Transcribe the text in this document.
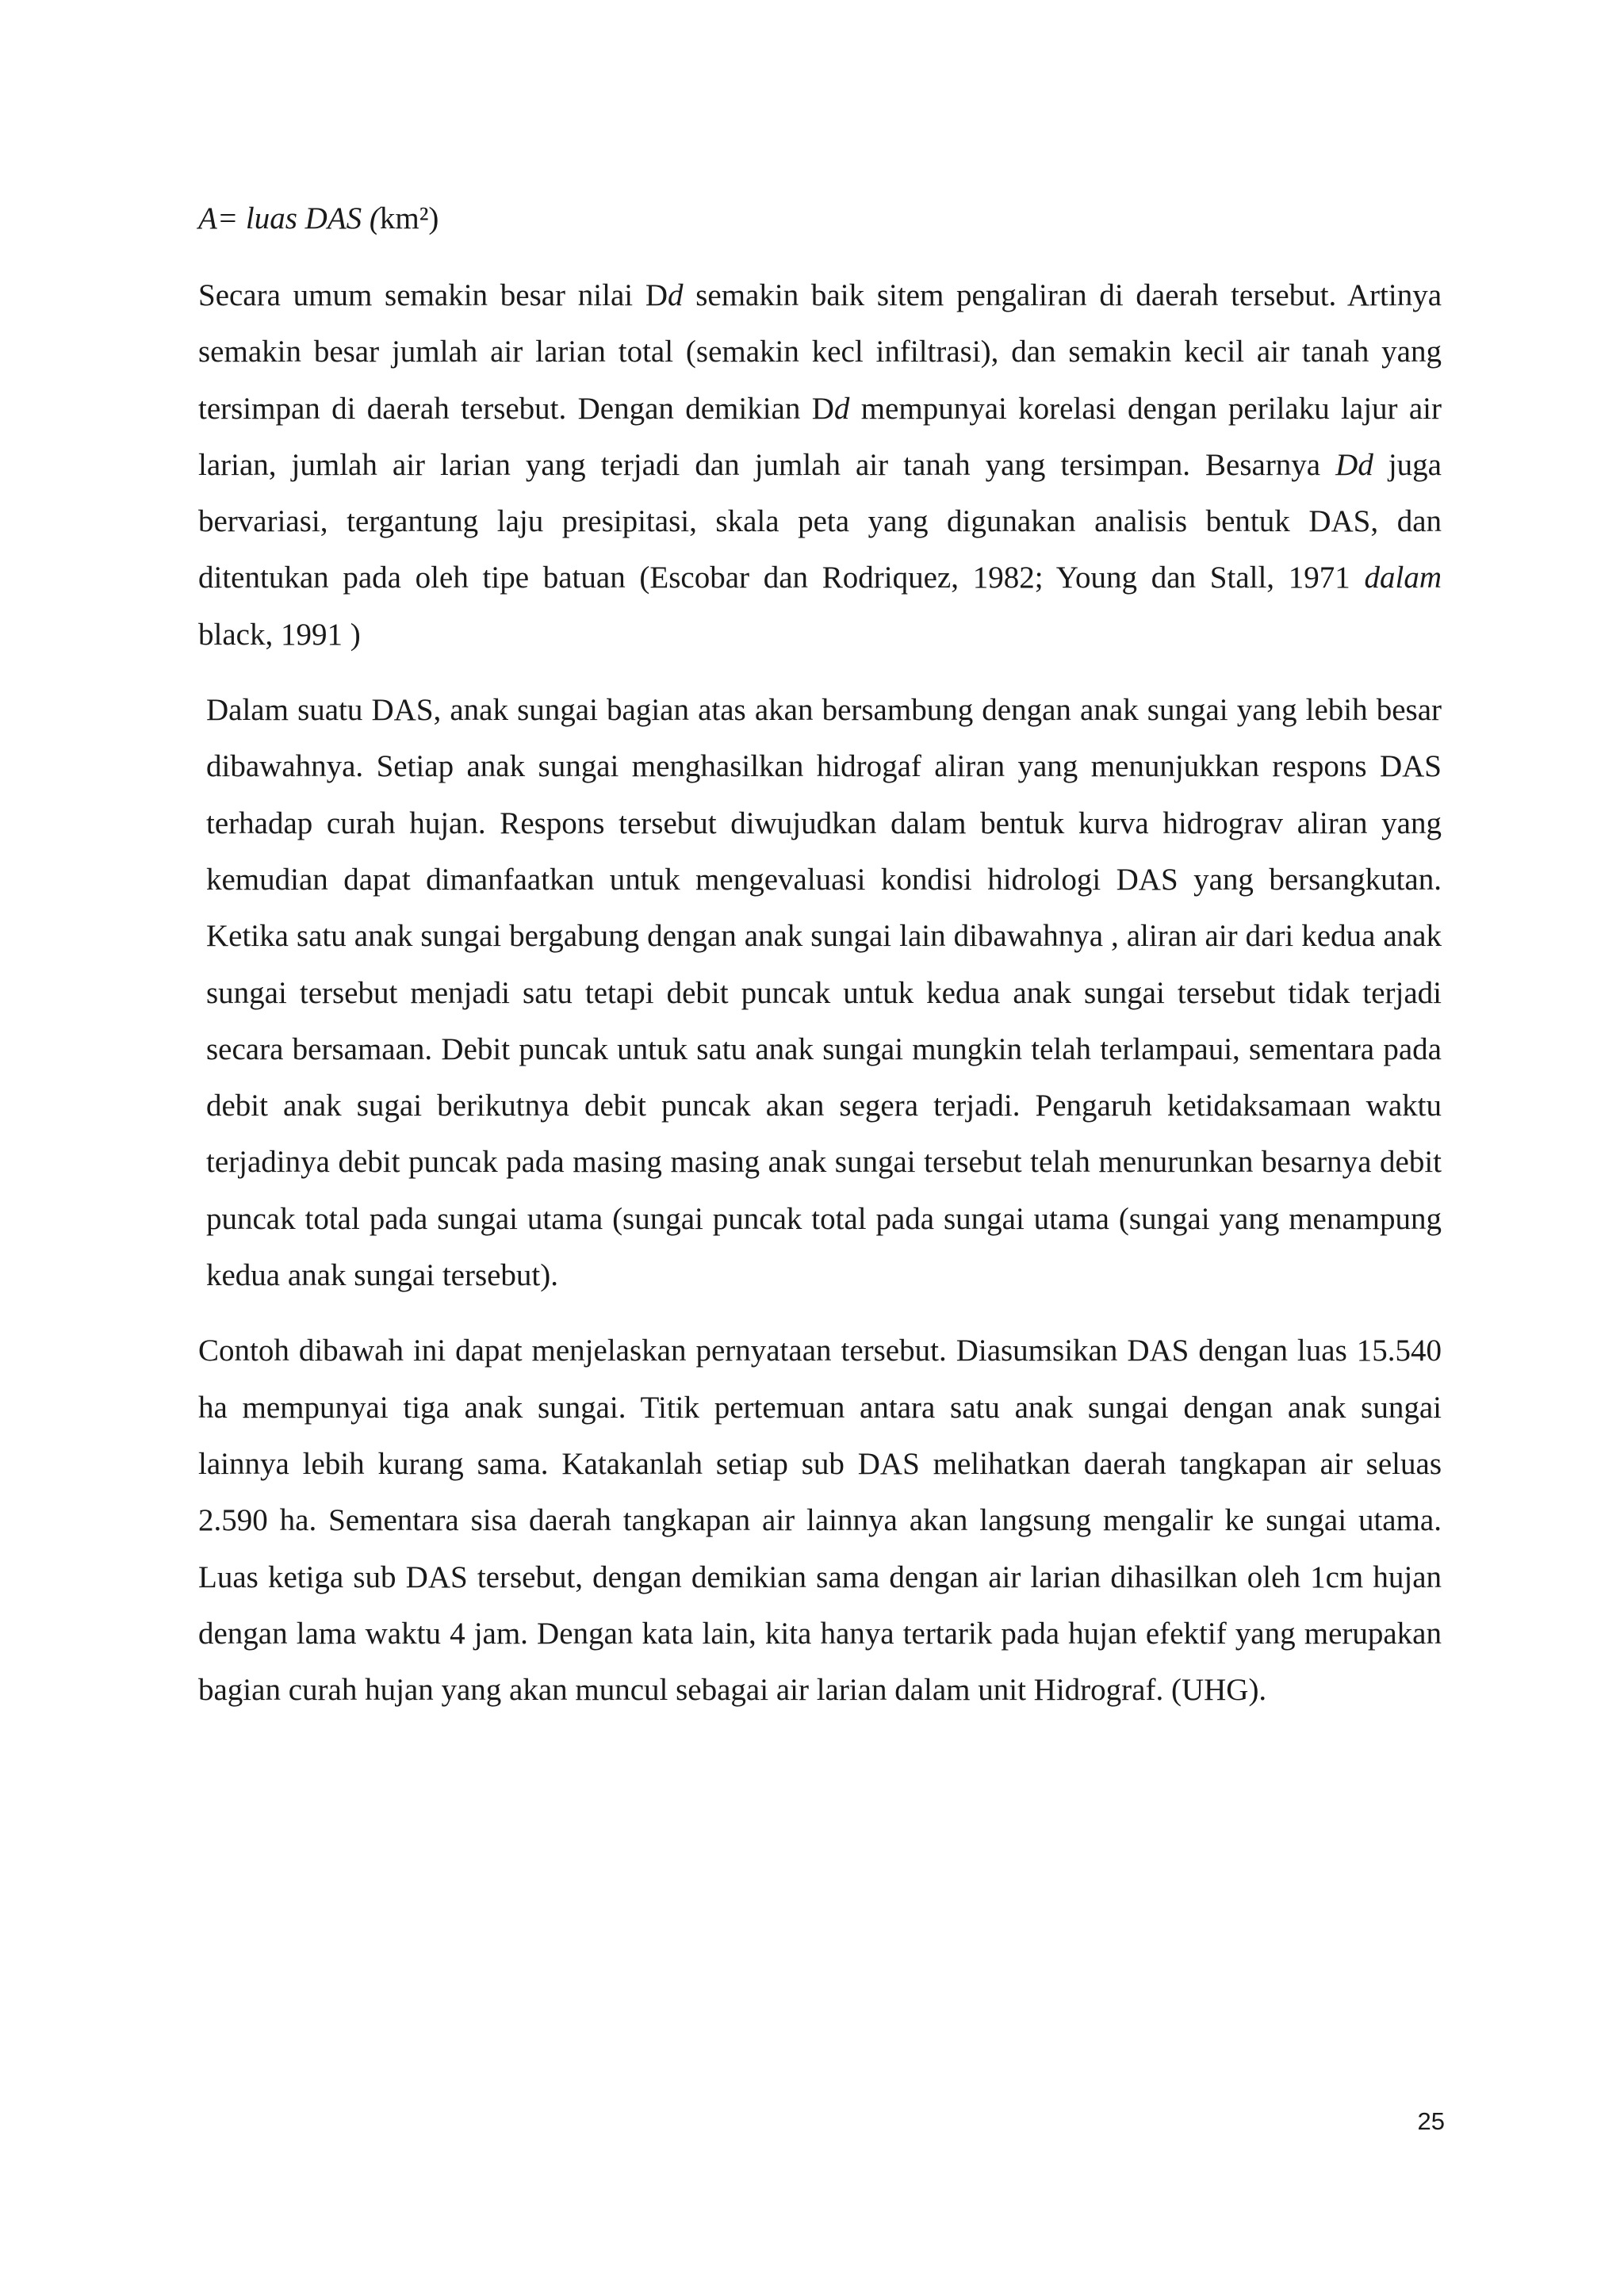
A= luas DAS (km²)

Secara umum semakin besar nilai Dd semakin baik sitem pengaliran di daerah tersebut. Artinya semakin besar jumlah air larian total (semakin kecl infiltrasi), dan semakin kecil air tanah yang tersimpan di daerah tersebut. Dengan demikian Dd mempunyai korelasi dengan perilaku lajur air larian, jumlah air larian yang terjadi dan jumlah air tanah yang tersimpan. Besarnya Dd juga bervariasi, tergantung laju presipitasi, skala peta yang digunakan analisis bentuk DAS, dan ditentukan pada oleh tipe batuan (Escobar dan Rodriquez, 1982; Young dan Stall, 1971 dalam black, 1991 )

Dalam suatu DAS, anak sungai bagian atas akan bersambung dengan anak sungai yang lebih besar dibawahnya. Setiap anak sungai menghasilkan hidrogaf aliran yang menunjukkan respons DAS terhadap curah hujan. Respons tersebut diwujudkan dalam bentuk kurva hidrograv aliran yang kemudian dapat dimanfaatkan untuk mengevaluasi kondisi hidrologi DAS yang bersangkutan. Ketika satu anak sungai bergabung dengan anak sungai lain dibawahnya , aliran air dari kedua anak sungai tersebut menjadi satu tetapi debit puncak untuk kedua anak sungai tersebut tidak terjadi secara bersamaan. Debit puncak untuk satu anak sungai mungkin telah terlampaui, sementara pada debit anak sugai berikutnya debit puncak akan segera terjadi. Pengaruh ketidaksamaan waktu terjadinya debit puncak pada masing masing anak sungai tersebut telah menurunkan besarnya debit puncak total pada sungai utama (sungai puncak total pada sungai utama (sungai yang menampung kedua anak sungai tersebut).

Contoh dibawah ini dapat menjelaskan pernyataan tersebut. Diasumsikan DAS dengan luas 15.540 ha mempunyai tiga anak sungai. Titik pertemuan antara satu anak sungai dengan anak sungai lainnya lebih kurang sama. Katakanlah setiap sub DAS melihatkan daerah tangkapan air seluas 2.590 ha. Sementara sisa daerah tangkapan air lainnya akan langsung mengalir ke sungai utama. Luas ketiga sub DAS tersebut, dengan demikian sama dengan air larian dihasilkan oleh 1cm hujan dengan lama waktu 4 jam. Dengan kata lain, kita hanya tertarik pada hujan efektif yang merupakan bagian curah hujan yang akan muncul sebagai air larian dalam unit Hidrograf. (UHG).

25
